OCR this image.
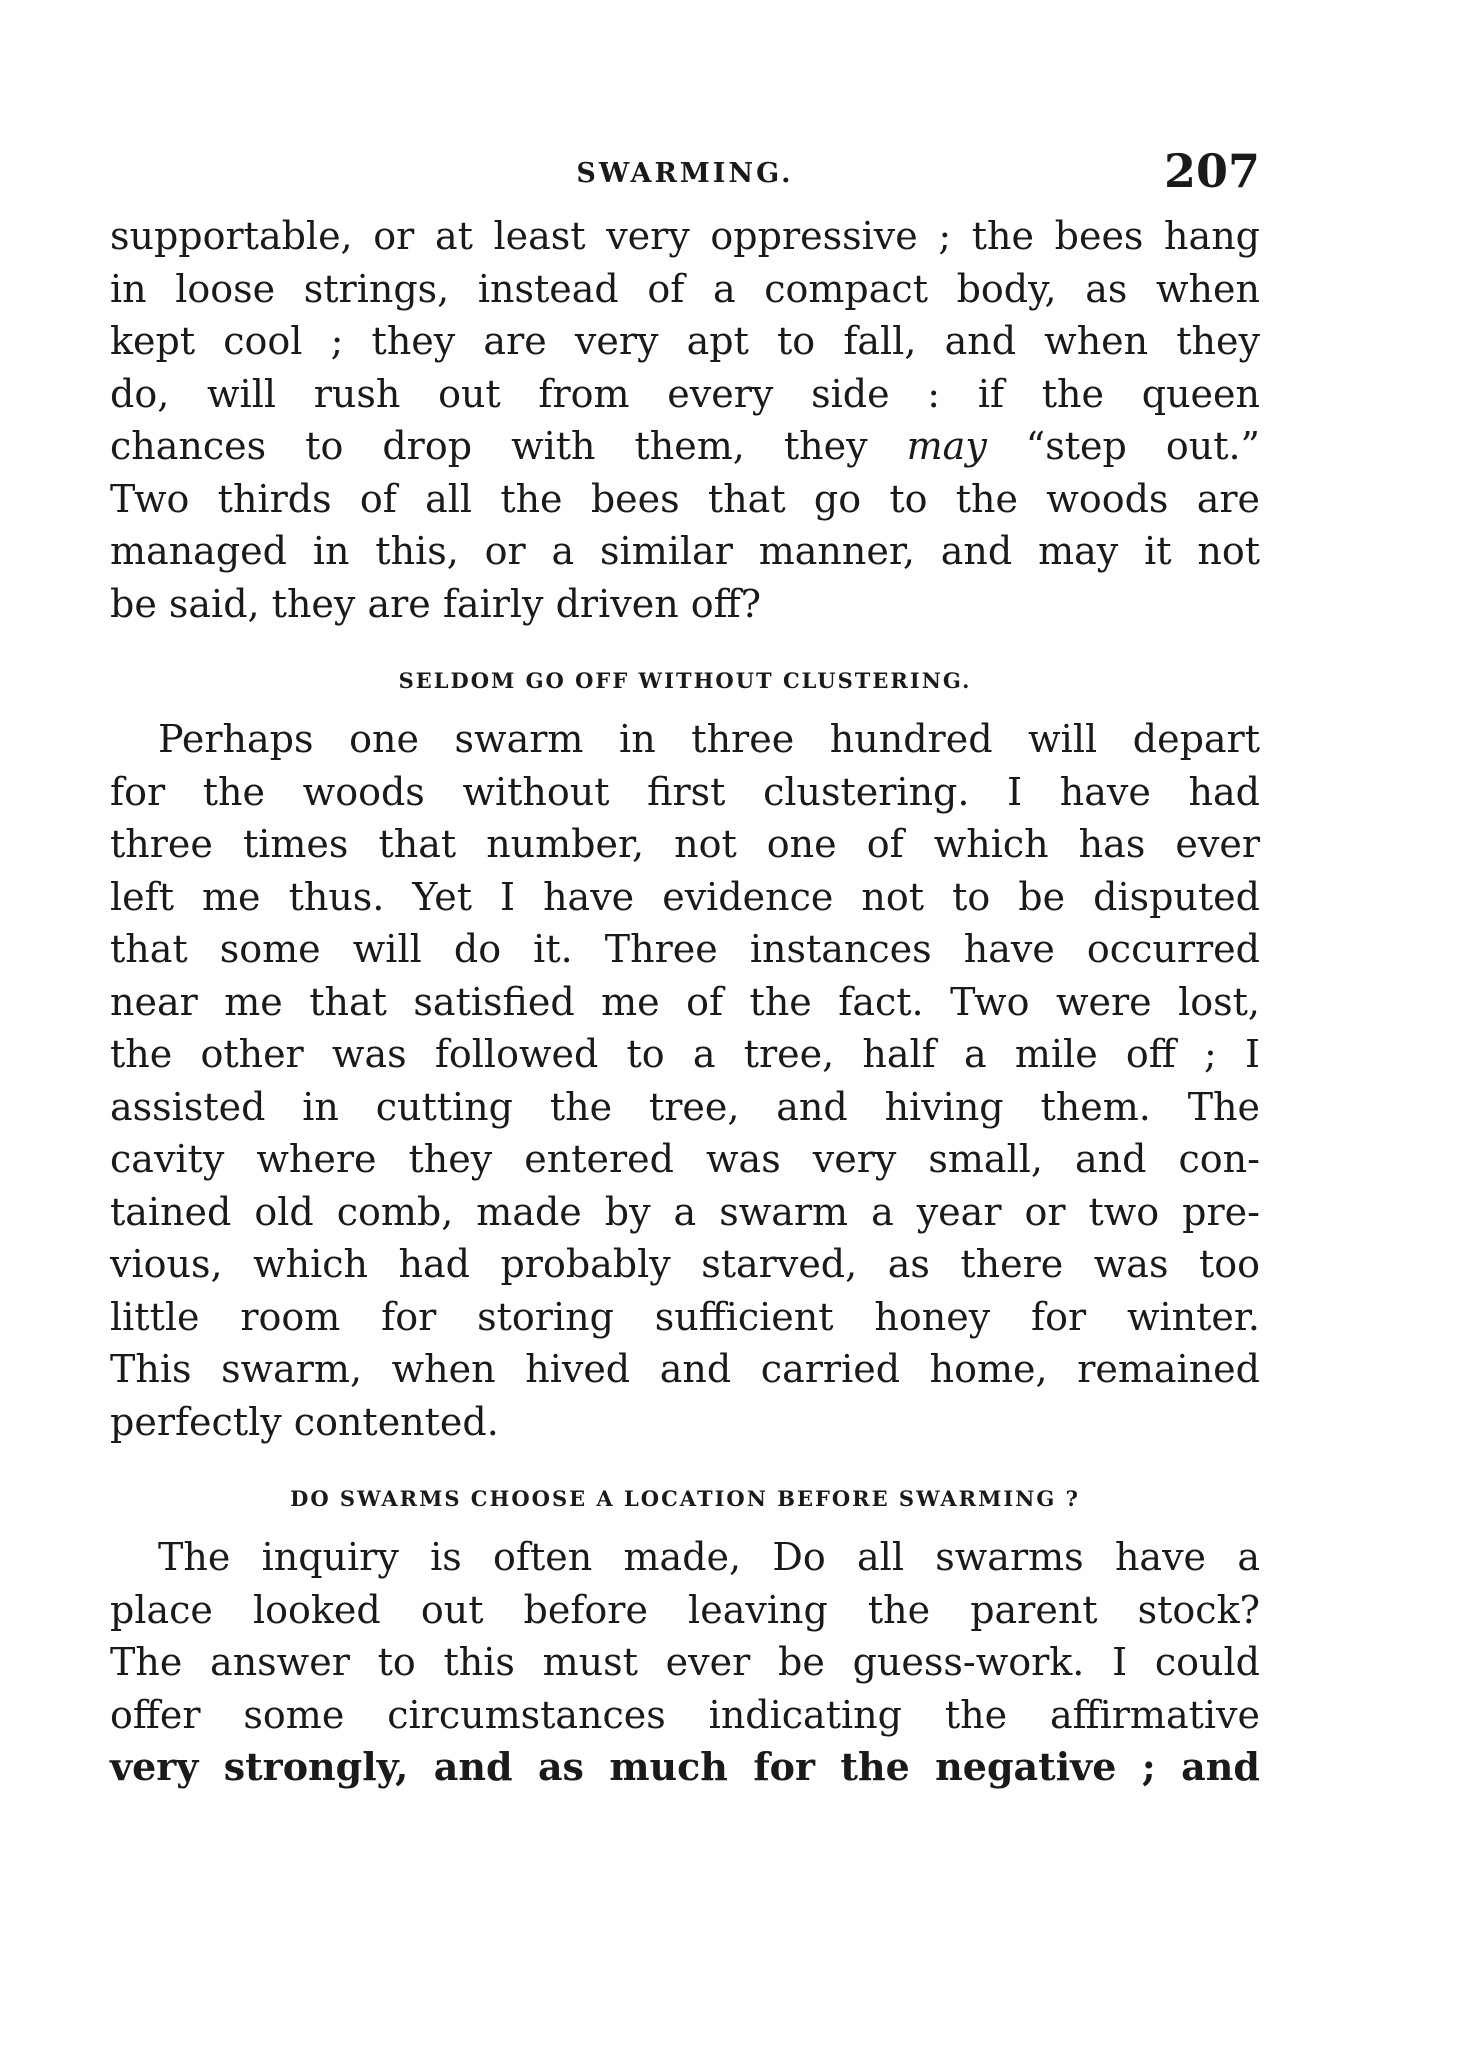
SWARMING.	207

supportable, or at least very oppressive ; the bees hang
in loose strings, instead of a compact body, as when
kept cool ; they are very apt to fall, and when they
do, will rush out from every side : if the queen
chances to drop with them, they may “step out.”
Two thirds of all the bees that go to the woods are
managed in this, or a similar manner, and may it not
be said, they are fairly driven off?

SELDOM GO OFF WITHOUT CLUSTERING.

Perhaps one swarm in three hundred will depart
for the woods without first clustering. I have had
three times that number, not one of which has ever
left me thus. Yet I have evidence not to be disputed
that some will do it. Three instances have occurred
near me that satisfied me of the fact. Two were lost,
the other was followed to a tree, half a mile off ; I
assisted in cutting the tree, and hiving them. The
cavity where they entered was very small, and con-
tained old comb, made by a swarm a year or two pre-
vious, which had probably starved, as there was too
little room for storing sufficient honey for winter.
This swarm, when hived and carried home, remained
perfectly contented.

DO SWARMS CHOOSE A LOCATION BEFORE SWARMING ?

The inquiry is often made, Do all swarms have a
place looked out before leaving the parent stock?
The answer to this must ever be guess-work. I could
offer some circumstances indicating the affirmative
very strongly, and as much for the negative ; and
